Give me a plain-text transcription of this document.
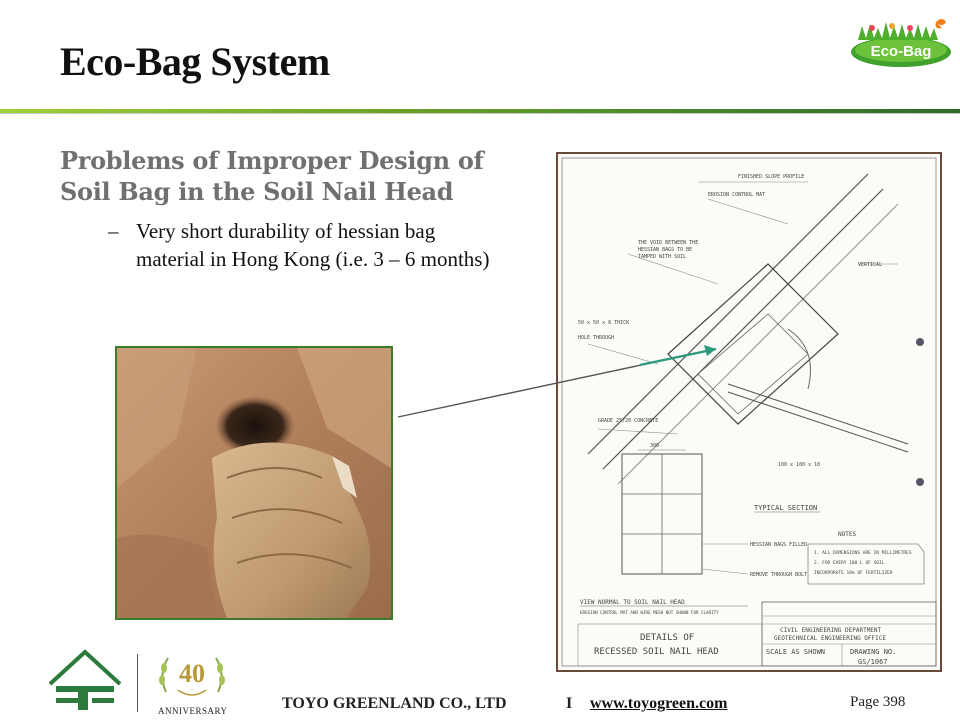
Eco-Bag System	Eco-Bag
Problems of Improper Design of Soil Bag in the Soil Nail Head
– Very short durability of hessian bag material in Hong Kong (i.e. 3 – 6 months)
FINISHED SLOPE PROFILE
EROSION CONTROL MAT
THE VOID BETWEEN THE
HESSIAN BAGS TO BE
TAMPED WITH SOIL
VERTICAL
50 x 50 x 8 THICK
HOLE THROUGH
GRADE 25/20 CONCRETE
100 x 100 x 10
300
HESSIAN BAGS FILLED
REMOVE THROUGH BOLT
TYPICAL SECTION
NOTES
1. ALL DIMENSIONS ARE IN MILLIMETRES
2. FOR EVERY 100 L OF SOIL
INCORPORATE 10% OF FERTILIZER
VIEW NORMAL TO SOIL NAIL HEAD
EROSION CONTROL MAT AND WIRE MESH NOT SHOWN FOR CLARITY
DETAILS OF
RECESSED SOIL NAIL HEAD
CIVIL ENGINEERING DEPARTMENT
GEOTECHNICAL ENGINEERING OFFICE
SCALE AS SHOWN	DRAWING NO.
GS/1067
40
ANNIVERSARY	TOYO GREENLAND CO., LTD	I www.toyogreen.com	Page 398
